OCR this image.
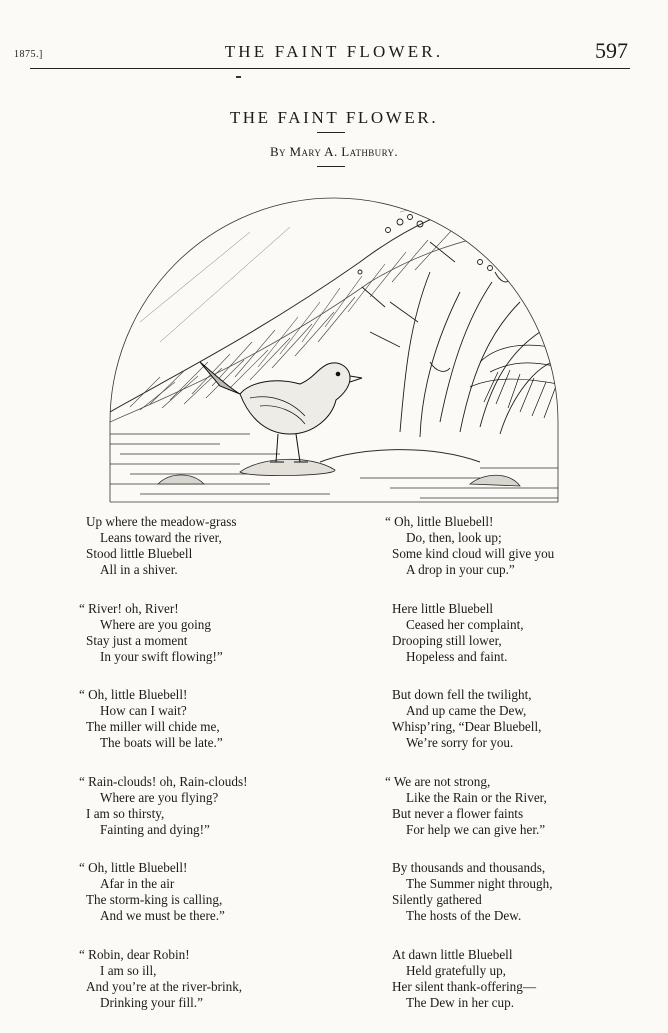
1875.]	THE FAINT FLOWER.	597
THE FAINT FLOWER.
By Mary A. Lathbury.
Up where the meadow-grass
Leans toward the river,
Stood little Bluebell
All in a shiver.
“ River! oh, River!
Where are you going
Stay just a moment
In your swift flowing!”
“ Oh, little Bluebell!
How can I wait?
The miller will chide me,
The boats will be late.”
“ Rain-clouds! oh, Rain-clouds!
Where are you flying?
I am so thirsty,
Fainting and dying!”
“ Oh, little Bluebell!
Afar in the air
The storm-king is calling,
And we must be there.”
“ Robin, dear Robin!
I am so ill,
And you’re at the river-brink,
Drinking your fill.”
“ Oh, little Bluebell!
Do, then, look up;
Some kind cloud will give you
A drop in your cup.”
Here little Bluebell
Ceased her complaint,
Drooping still lower,
Hopeless and faint.
But down fell the twilight,
And up came the Dew,
Whisp’ring, “Dear Bluebell,
We’re sorry for you.
“ We are not strong,
Like the Rain or the River,
But never a flower faints
For help we can give her.”
By thousands and thousands,
The Summer night through,
Silently gathered
The hosts of the Dew.
At dawn little Bluebell
Held gratefully up,
Her silent thank-offering—
The Dew in her cup.
